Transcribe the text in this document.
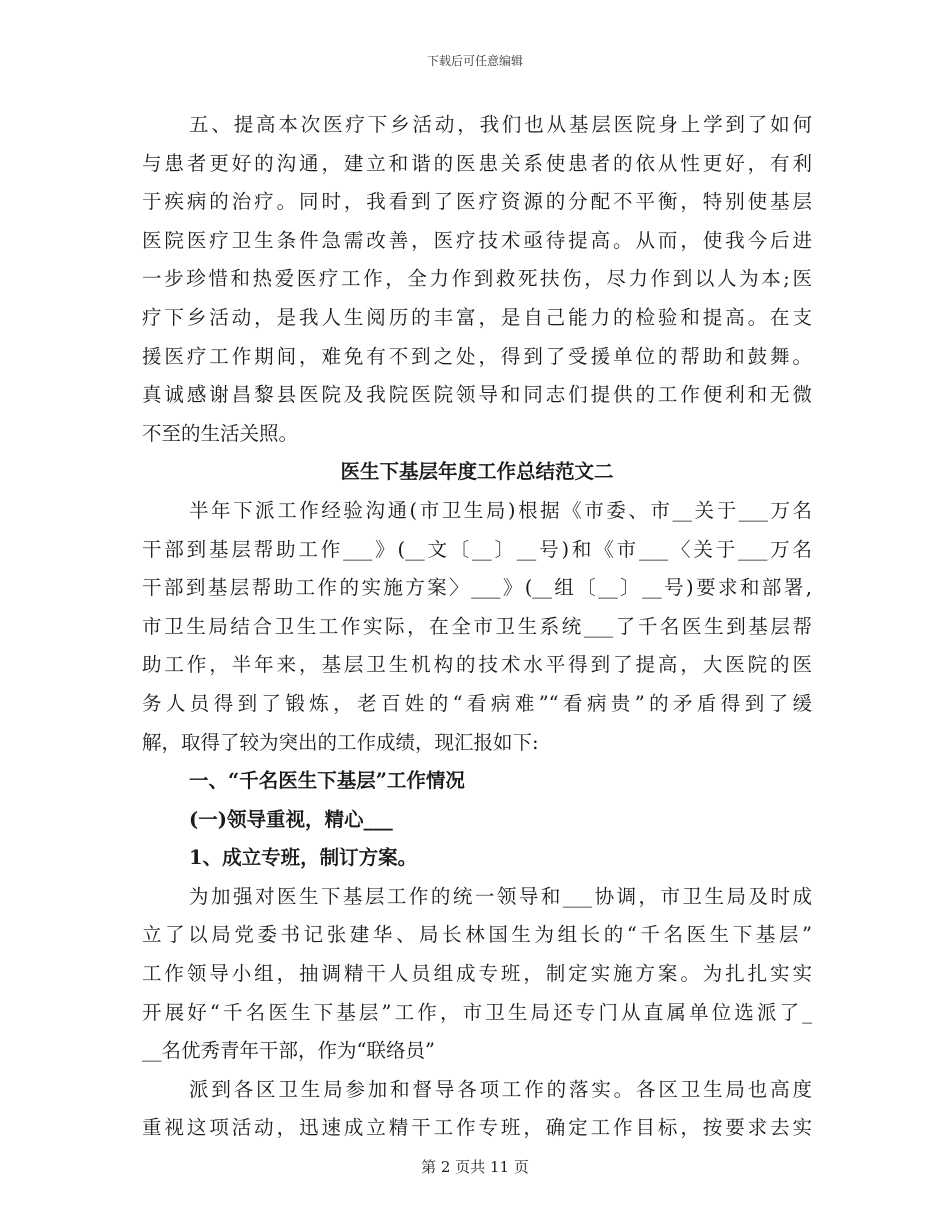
下载后可任意编辑
五、提高本次医疗下乡活动，我们也从基层医院身上学到了如何
与患者更好的沟通，建立和谐的医患关系使患者的依从性更好，有利
于疾病的治疗。同时，我看到了医疗资源的分配不平衡，特别使基层
医院医疗卫生条件急需改善，医疗技术亟待提高。从而，使我今后进
一步珍惜和热爱医疗工作，全力作到救死扶伤，尽力作到以人为本;医
疗下乡活动，是我人生阅历的丰富，是自己能力的检验和提高。在支
援医疗工作期间，难免有不到之处，得到了受援单位的帮助和鼓舞。
真诚感谢昌黎县医院及我院医院领导和同志们提供的工作便利和无微
不至的生活关照。
医生下基层年度工作总结范文二
半年下派工作经验沟通(市卫生局)根据《市委、市__关于___万名
干部到基层帮助工作___》(__文〔__〕__号)和《市___〈关于___万名
干部到基层帮助工作的实施方案〉___》(__组〔__〕__号)要求和部署,
市卫生局结合卫生工作实际，在全市卫生系统___了千名医生到基层帮
助工作，半年来，基层卫生机构的技术水平得到了提高，大医院的医
务人员得到了锻炼，老百姓的“看病难”“看病贵”的矛盾得到了缓
解，取得了较为突出的工作成绩，现汇报如下:
一、“千名医生下基层”工作情况
(一)领导重视，精心___
1、成立专班，制订方案。
为加强对医生下基层工作的统一领导和___协调，市卫生局及时成
立了以局党委书记张建华、局长林国生为组长的“千名医生下基层”
工作领导小组，抽调精干人员组成专班，制定实施方案。为扎扎实实
开展好“千名医生下基层”工作，市卫生局还专门从直属单位选派了_
__名优秀青年干部，作为“联络员”
派到各区卫生局参加和督导各项工作的落实。各区卫生局也高度
重视这项活动，迅速成立精干工作专班，确定工作目标，按要求去实
第 2 页共 11 页
